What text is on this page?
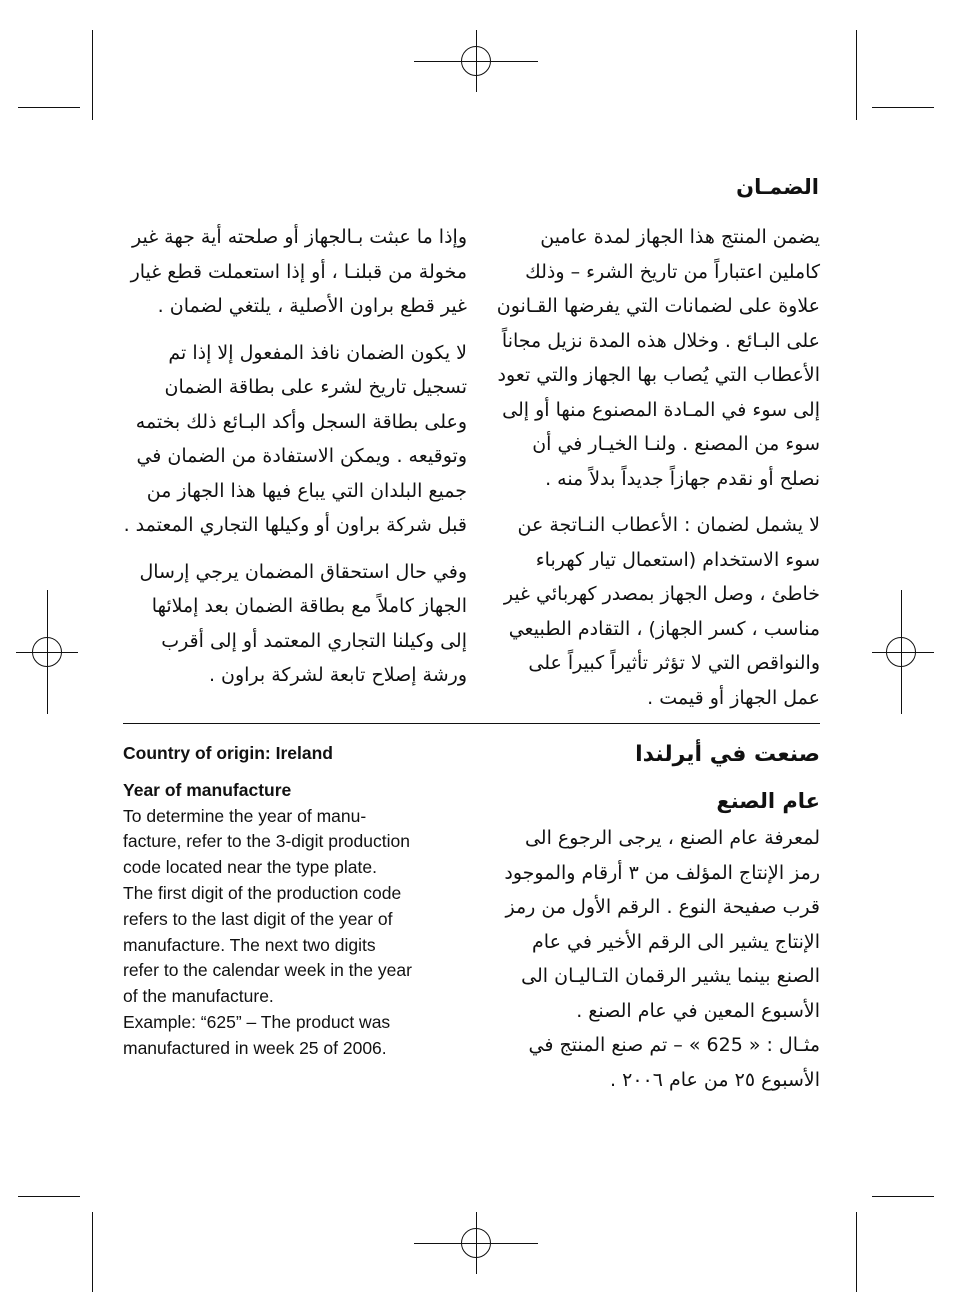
الضمـان

يضمن المنتج هذا الجهاز لمدة عامين كاملين اعتباراً من تاريخ الشرء – وذلك علاوة على لضمانات التي يفرضها القـانون على البـائع . وخلال هذه المدة نزيل مجاناً الأعطاب التي يُصاب بها الجهاز والتي تعود إلى سوء في المـادة المصنوع منها أو إلى سوء من المصنع . ولنـا الخيـار في أن نصلح أو نقدم جهازاً جديداً بدلاً منه .

لا يشمل لضمان : الأعطاب النـاتجة عن سوء الاستخدام (استعمال تيار كهرباء خاطئ ، وصل الجهاز بمصدر كهربائي غير مناسب ، كسر الجهاز) ، التقادم الطبيعي والنواقص التي لا تؤثر تأثيراً كبيراً على عمل الجهاز أو قيمت .

وإذا ما عبثت بـالجهاز أو صلحته أية جهة غير مخولة من قبلنـا ، أو إذا استعملت قطع غيار غير قطع براون الأصلية ، يلتغي لضمان .

لا يكون الضمان نافذ المفعول إلا إذا تم تسجيل تاريخ لشرء على بطاقة الضمان وعلى بطاقة السجل وأكد البـائع ذلك بختمه وتوقيعه . ويمكن الاستفادة من الضمان في جميع البلدان التي يباع فيها هذا الجهاز من قبل شركة براون أو وكيلها التجاري المعتمد .

وفي حال استحقاق المضمان يرجي إرسال الجهاز كاملاً مع بطاقة الضمان بعد إملائها إلى وكيلنا التجاري المعتمد أو إلى أقرب ورشة إصلاح تابعة لشركة براون .

Country of origin: Ireland

Year of manufacture

To determine the year of manu-
facture, refer to the 3-digit production
code located near the type plate.
The first digit of the production code
refers to the last digit of the year of
manufacture. The next two digits
refer to the calendar week in the year
of the manufacture.
Example: “625” – The product was
manufactured in week 25 of 2006.

صنعت في أيرلندا

عام الصنع

لمعرفة عام الصنع ، يرجى الرجوع الى رمز الإنتاج المؤلف من ٣ أرقام والموجود قرب صفيحة النوع . الرقم الأول من رمز الإنتاج يشير الى الرقم الأخير في عام الصنع بينما يشير الرقمان التـاليـان الى الأسبوع المعين في عام الصنع .

مثـال : « 625 » – تم صنع المنتج في الأسبوع ٢٥ من عام ٢٠٠٦ .
